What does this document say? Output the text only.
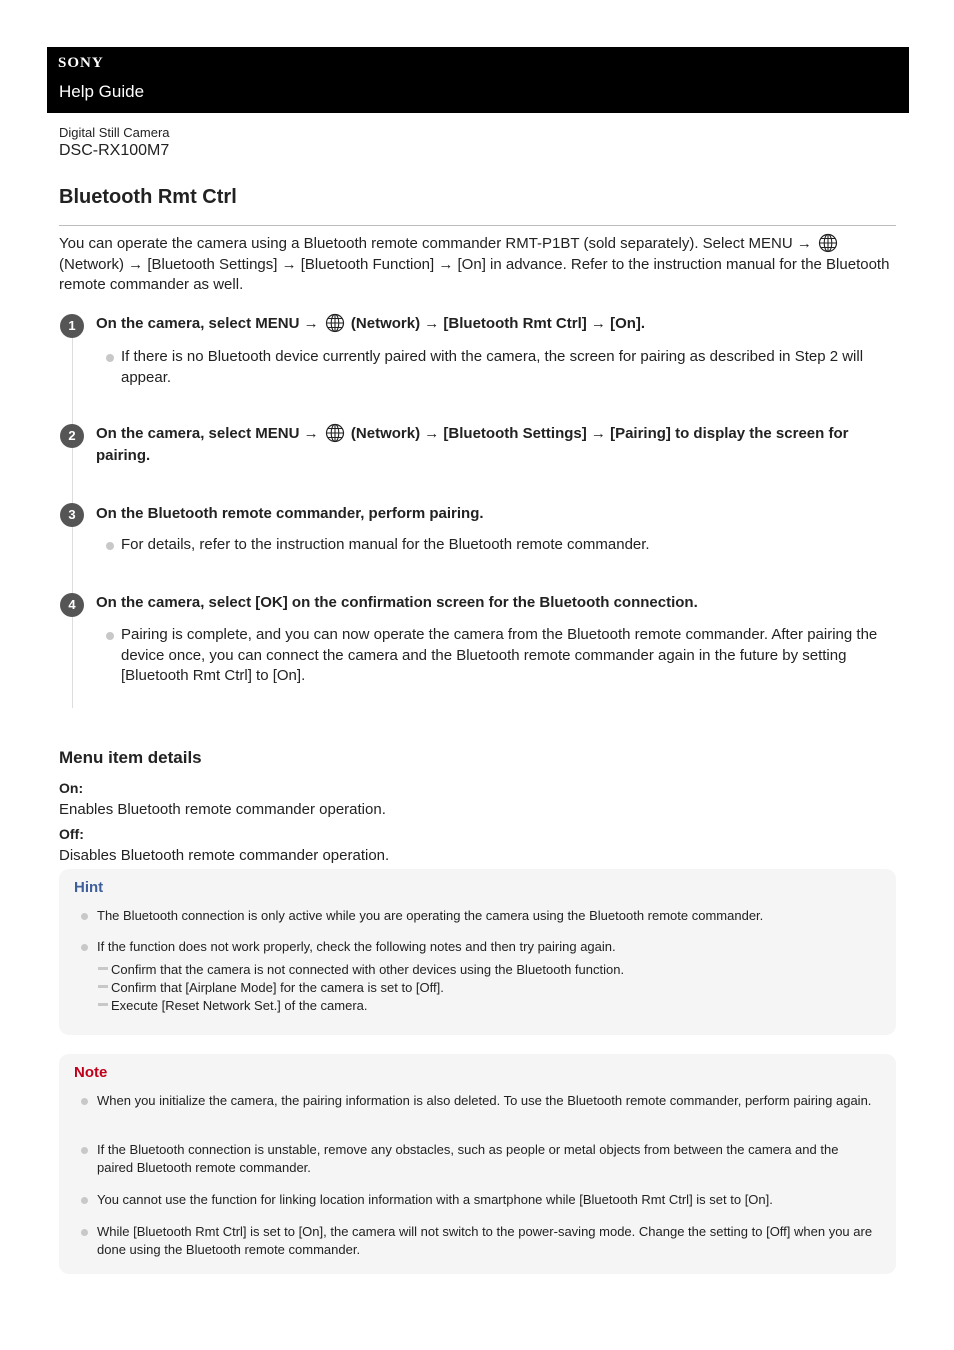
SONY
Help Guide
Digital Still Camera
DSC-RX100M7
Bluetooth Rmt Ctrl

You can operate the camera using a Bluetooth remote commander RMT-P1BT (sold separately). Select MENU →  (Network) → [Bluetooth Settings] → [Bluetooth Function] → [On] in advance. Refer to the instruction manual for the Bluetooth remote commander as well.

1	On the camera, select MENU → (Network) → [Bluetooth Rmt Ctrl] → [On].

If there is no Bluetooth device currently paired with the camera, the screen for pairing as described in Step 2 will appear.
2	On the camera, select MENU → (Network) → [Bluetooth Settings] → [Pairing] to display the screen for pairing.

3	On the Bluetooth remote commander, perform pairing.

For details, refer to the instruction manual for the Bluetooth remote commander.
4	On the camera, select [OK] on the confirmation screen for the Bluetooth connection.

Pairing is complete, and you can now operate the camera from the Bluetooth remote commander. After pairing the device once, you can connect the camera and the Bluetooth remote commander again in the future by setting [Bluetooth Rmt Ctrl] to [On].
Menu item details
On:
Enables Bluetooth remote commander operation.
Off:
Disables Bluetooth remote commander operation.
Hint
The Bluetooth connection is only active while you are operating the camera using the Bluetooth remote commander.
If the function does not work properly, check the following notes and then try pairing again.
Confirm that the camera is not connected with other devices using the Bluetooth function.
Confirm that [Airplane Mode] for the camera is set to [Off].
Execute [Reset Network Set.] of the camera.
Note
When you initialize the camera, the pairing information is also deleted. To use the Bluetooth remote commander, perform pairing again.
If the Bluetooth connection is unstable, remove any obstacles, such as people or metal objects from between the camera and the paired Bluetooth remote commander.
You cannot use the function for linking location information with a smartphone while [Bluetooth Rmt Ctrl] is set to [On].
While [Bluetooth Rmt Ctrl] is set to [On], the camera will not switch to the power-saving mode. Change the setting to [Off] when you are done using the Bluetooth remote commander.
